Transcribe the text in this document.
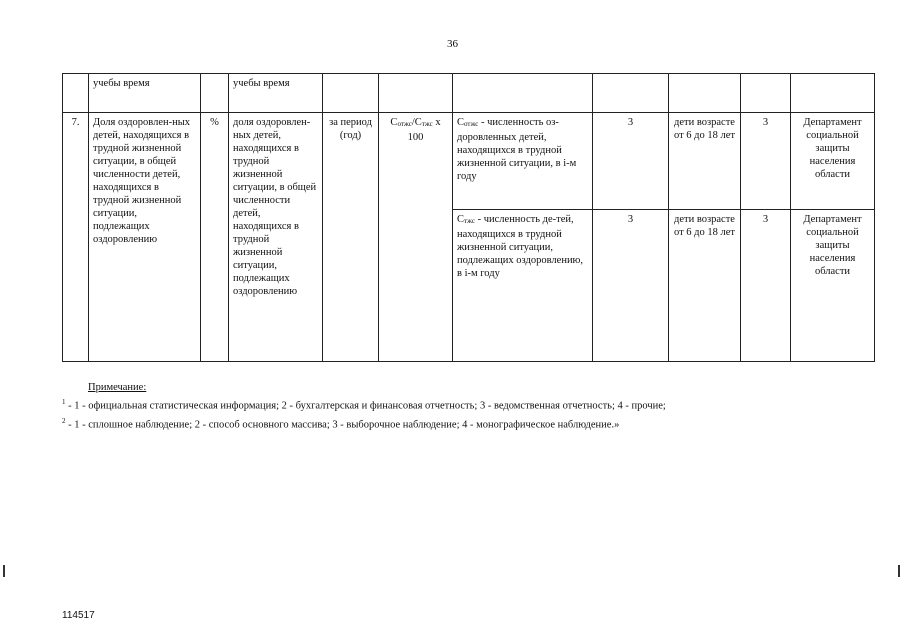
36
	учебы время		учебы время							
7.	Доля оздоровлен-ных детей, находящихся в трудной жизненной ситуации, в общей численности детей, находящихся в трудной жизненной ситуации, подлежащих оздоровлению	%	доля оздоровлен-ных детей, находящихся в трудной жизненной ситуации, в общей численности детей, находящихся в трудной жизненной ситуации, подлежащих оздоровлению	за период (год)	Сотжс/Стжс х 100	Сотжс - численность оз-доровленных детей, находящихся в трудной жизненной ситуации, в i-м году	3	дети возрасте от 6 до 18 лет	3	Департамент социальной защиты населения области
						Стжс - численность де-тей, находящихся в трудной жизненной ситуации, подлежащих оздоровлению, в i-м году	3	дети возрасте от 6 до 18 лет	3	Департамент социальной защиты населения области
Примечание:
$^1$ - 1 - официальная статистическая информация; 2 - бухгалтерская и финансовая отчетность; 3 - ведомственная отчетность; 4 - прочие;
$^2$ - 1 - сплошное наблюдение; 2 - способ основного массива; 3 - выборочное наблюдение; 4 - монографическое наблюдение.»
114517
